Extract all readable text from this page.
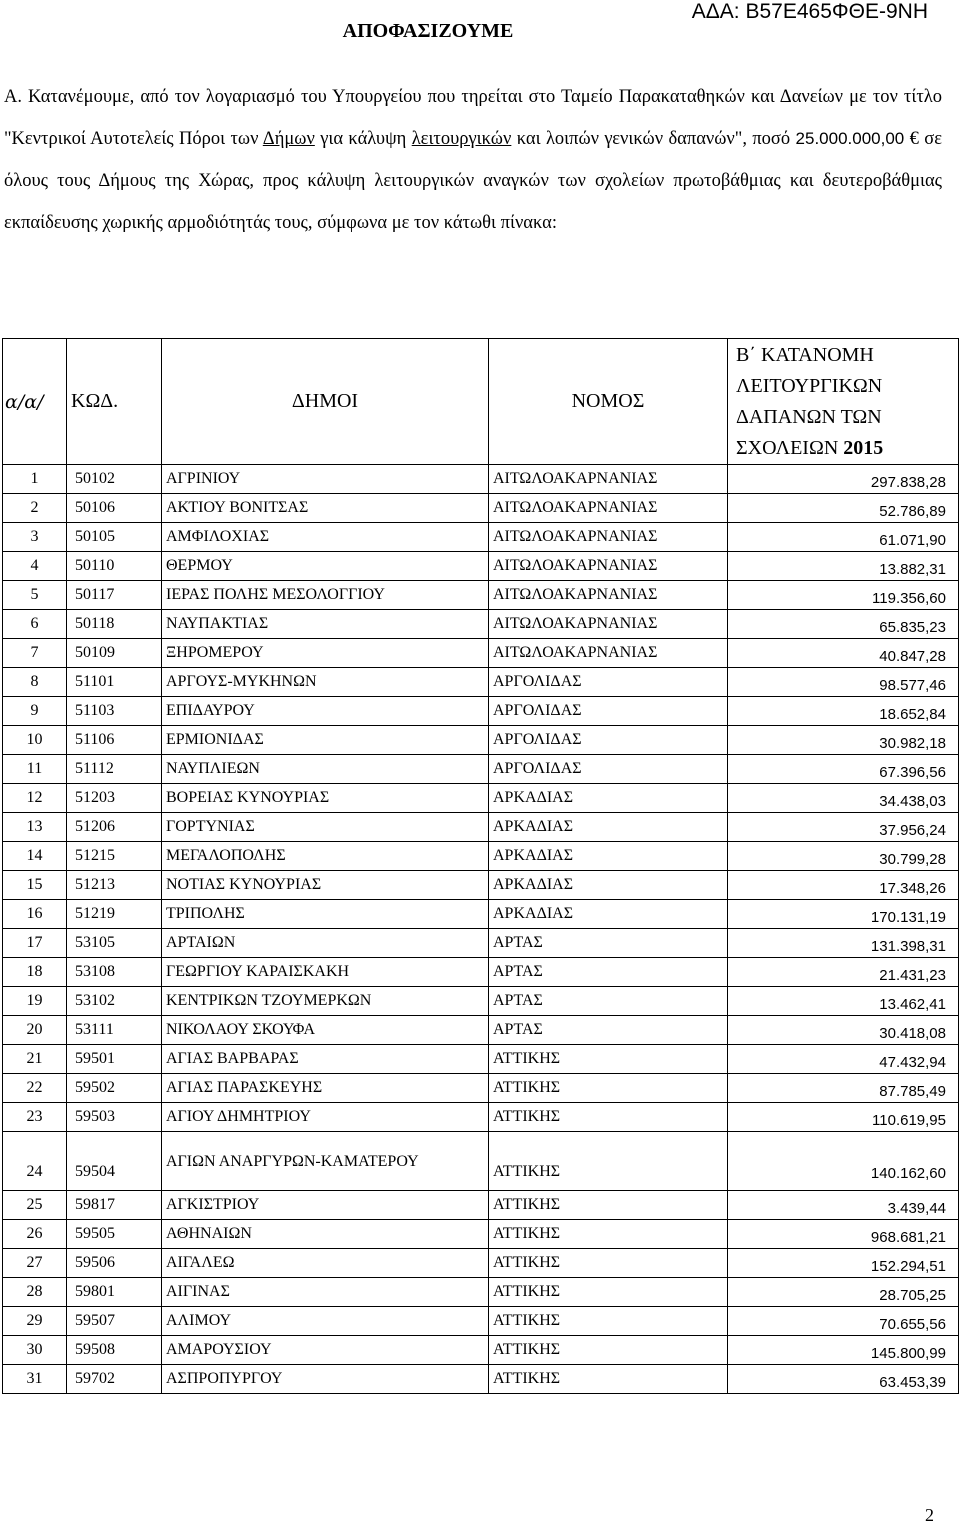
ΑΔΑ: Β57Ε465ΦΘΕ-9ΝΗ
ΑΠΟΦΑΣΙΖΟΥΜΕ

Α. Κατανέμουμε, από τον λογαριασμό του Υπουργείου που τηρείται στο Ταμείο Παρακαταθηκών και Δανείων με τον τίτλο "Κεντρικοί Αυτοτελείς Πόροι των Δήμων για κάλυψη λειτουργικών και λοιπών γενικών δαπανών", ποσό 25.000.000,00 € σε όλους τους Δήμους της Χώρας, προς κάλυψη λειτουργικών αναγκών των σχολείων πρωτοβάθμιας και δευτεροβάθμιας εκπαίδευσης χωρικής αρμοδιότητάς τους, σύμφωνα με τον κάτωθι πίνακα:

α/α/	ΚΩΔ.	ΔΗΜΟΙ	ΝΟΜΟΣ	Β΄ ΚΑΤΑΝΟΜΗ ΛΕΙΤΟΥΡΓΙΚΩΝ ΔΑΠΑΝΩΝ ΤΩΝ ΣΧΟΛΕΙΩΝ 2015
1	50102	ΑΓΡΙΝΙΟΥ	ΑΙΤΩΛΟΑΚΑΡΝΑΝΙΑΣ	297.838,28
2	50106	ΑΚΤΙΟΥ ΒΟΝΙΤΣΑΣ	ΑΙΤΩΛΟΑΚΑΡΝΑΝΙΑΣ	52.786,89
3	50105	ΑΜΦΙΛΟΧΙΑΣ	ΑΙΤΩΛΟΑΚΑΡΝΑΝΙΑΣ	61.071,90
4	50110	ΘΕΡΜΟΥ	ΑΙΤΩΛΟΑΚΑΡΝΑΝΙΑΣ	13.882,31
5	50117	ΙΕΡΑΣ ΠΟΛΗΣ ΜΕΣΟΛΟΓΓΙΟΥ	ΑΙΤΩΛΟΑΚΑΡΝΑΝΙΑΣ	119.356,60
6	50118	ΝΑΥΠΑΚΤΙΑΣ	ΑΙΤΩΛΟΑΚΑΡΝΑΝΙΑΣ	65.835,23
7	50109	ΞΗΡΟΜΕΡΟΥ	ΑΙΤΩΛΟΑΚΑΡΝΑΝΙΑΣ	40.847,28
8	51101	ΑΡΓΟΥΣ-ΜΥΚΗΝΩΝ	ΑΡΓΟΛΙΔΑΣ	98.577,46
9	51103	ΕΠΙΔΑΥΡΟΥ	ΑΡΓΟΛΙΔΑΣ	18.652,84
10	51106	ΕΡΜΙΟΝΙΔΑΣ	ΑΡΓΟΛΙΔΑΣ	30.982,18
11	51112	ΝΑΥΠΛΙΕΩΝ	ΑΡΓΟΛΙΔΑΣ	67.396,56
12	51203	ΒΟΡΕΙΑΣ ΚΥΝΟΥΡΙΑΣ	ΑΡΚΑΔΙΑΣ	34.438,03
13	51206	ΓΟΡΤΥΝΙΑΣ	ΑΡΚΑΔΙΑΣ	37.956,24
14	51215	ΜΕΓΑΛΟΠΟΛΗΣ	ΑΡΚΑΔΙΑΣ	30.799,28
15	51213	ΝΟΤΙΑΣ ΚΥΝΟΥΡΙΑΣ	ΑΡΚΑΔΙΑΣ	17.348,26
16	51219	ΤΡΙΠΟΛΗΣ	ΑΡΚΑΔΙΑΣ	170.131,19
17	53105	ΑΡΤΑΙΩΝ	ΑΡΤΑΣ	131.398,31
18	53108	ΓΕΩΡΓΙΟΥ ΚΑΡΑΙΣΚΑΚΗ	ΑΡΤΑΣ	21.431,23
19	53102	ΚΕΝΤΡΙΚΩΝ ΤΖΟΥΜΕΡΚΩΝ	ΑΡΤΑΣ	13.462,41
20	53111	ΝΙΚΟΛΑΟΥ ΣΚΟΥΦΑ	ΑΡΤΑΣ	30.418,08
21	59501	ΑΓΙΑΣ ΒΑΡΒΑΡΑΣ	ΑΤΤΙΚΗΣ	47.432,94
22	59502	ΑΓΙΑΣ ΠΑΡΑΣΚΕΥΗΣ	ΑΤΤΙΚΗΣ	87.785,49
23	59503	ΑΓΙΟΥ ΔΗΜΗΤΡΙΟΥ	ΑΤΤΙΚΗΣ	110.619,95
24	59504	ΑΓΙΩΝ ΑΝΑΡΓΥΡΩΝ-ΚΑΜΑΤΕΡΟΥ	ΑΤΤΙΚΗΣ	140.162,60
25	59817	ΑΓΚΙΣΤΡΙΟΥ	ΑΤΤΙΚΗΣ	3.439,44
26	59505	ΑΘΗΝΑΙΩΝ	ΑΤΤΙΚΗΣ	968.681,21
27	59506	ΑΙΓΑΛΕΩ	ΑΤΤΙΚΗΣ	152.294,51
28	59801	ΑΙΓΙΝΑΣ	ΑΤΤΙΚΗΣ	28.705,25
29	59507	ΑΛΙΜΟΥ	ΑΤΤΙΚΗΣ	70.655,56
30	59508	ΑΜΑΡΟΥΣΙΟΥ	ΑΤΤΙΚΗΣ	145.800,99
31	59702	ΑΣΠΡΟΠΥΡΓΟΥ	ΑΤΤΙΚΗΣ	63.453,39
2
